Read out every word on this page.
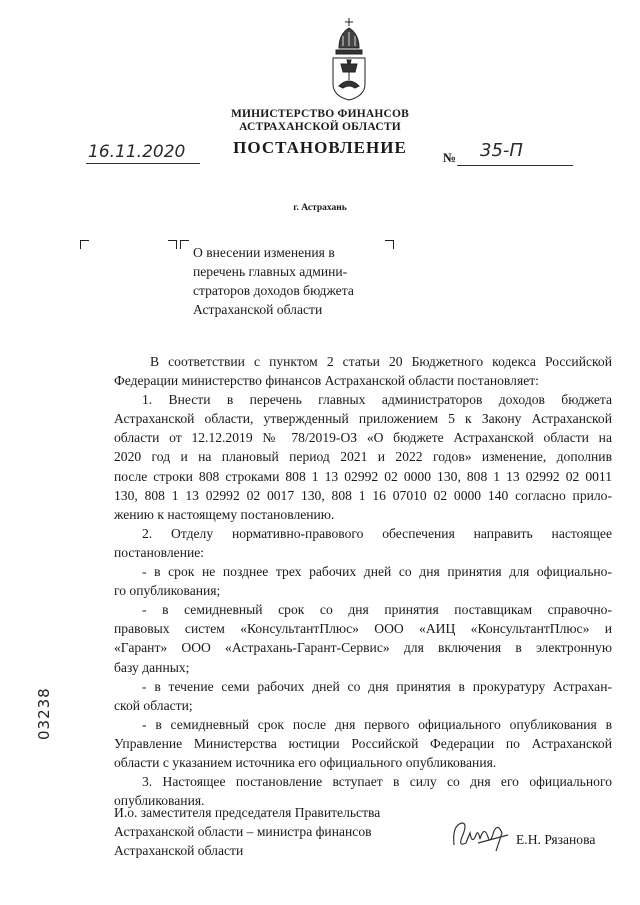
МИНИСТЕРСТВО ФИНАНСОВ
АСТРАХАНСКОЙ ОБЛАСТИ
ПОСТАНОВЛЕНИЕ
16.11.2020	№ 35-П
г. Астрахань
О внесении изменения в
перечень главных админи-
страторов доходов бюджета
Астраханской области
В соответствии с пунктом 2 статьи 20 Бюджетного кодекса Российской
Федерации министерство финансов Астраханской области постановляет:
1. Внести в перечень главных администраторов доходов бюджета
Астраханской области, утвержденный приложением 5 к Закону Астраханской
области от 12.12.2019 № 78/2019-ОЗ «О бюджете Астраханской области на
2020 год и на плановый период 2021 и 2022 годов» изменение, дополнив
после строки 808 строками 808 1 13 02992 02 0000 130, 808 1 13 02992 02 0011
130, 808 1 13 02992 02 0017 130, 808 1 16 07010 02 0000 140 согласно прило-
жению к настоящему постановлению.
2. Отделу нормативно-правового обеспечения направить настоящее
постановление:
- в срок не позднее трех рабочих дней со дня принятия для официально-
го опубликования;
- в семидневный срок со дня принятия поставщикам справочно-
правовых систем «КонсультантПлюс» ООО «АИЦ «КонсультантПлюс» и
«Гарант» ООО «Астрахань-Гарант-Сервис» для включения в электронную
базу данных;
- в течение семи рабочих дней со дня принятия в прокуратуру Астрахан-
ской области;
- в семидневный срок после дня первого официального опубликования в
Управление Министерства юстиции Российской Федерации по Астраханской
области с указанием источника его официального опубликования.
3. Настоящее постановление вступает в силу со дня его официального
опубликования.
03238
И.о. заместителя председателя Правительства
Астраханской области – министра финансов
Астраханской области
Е.Н. Рязанова
